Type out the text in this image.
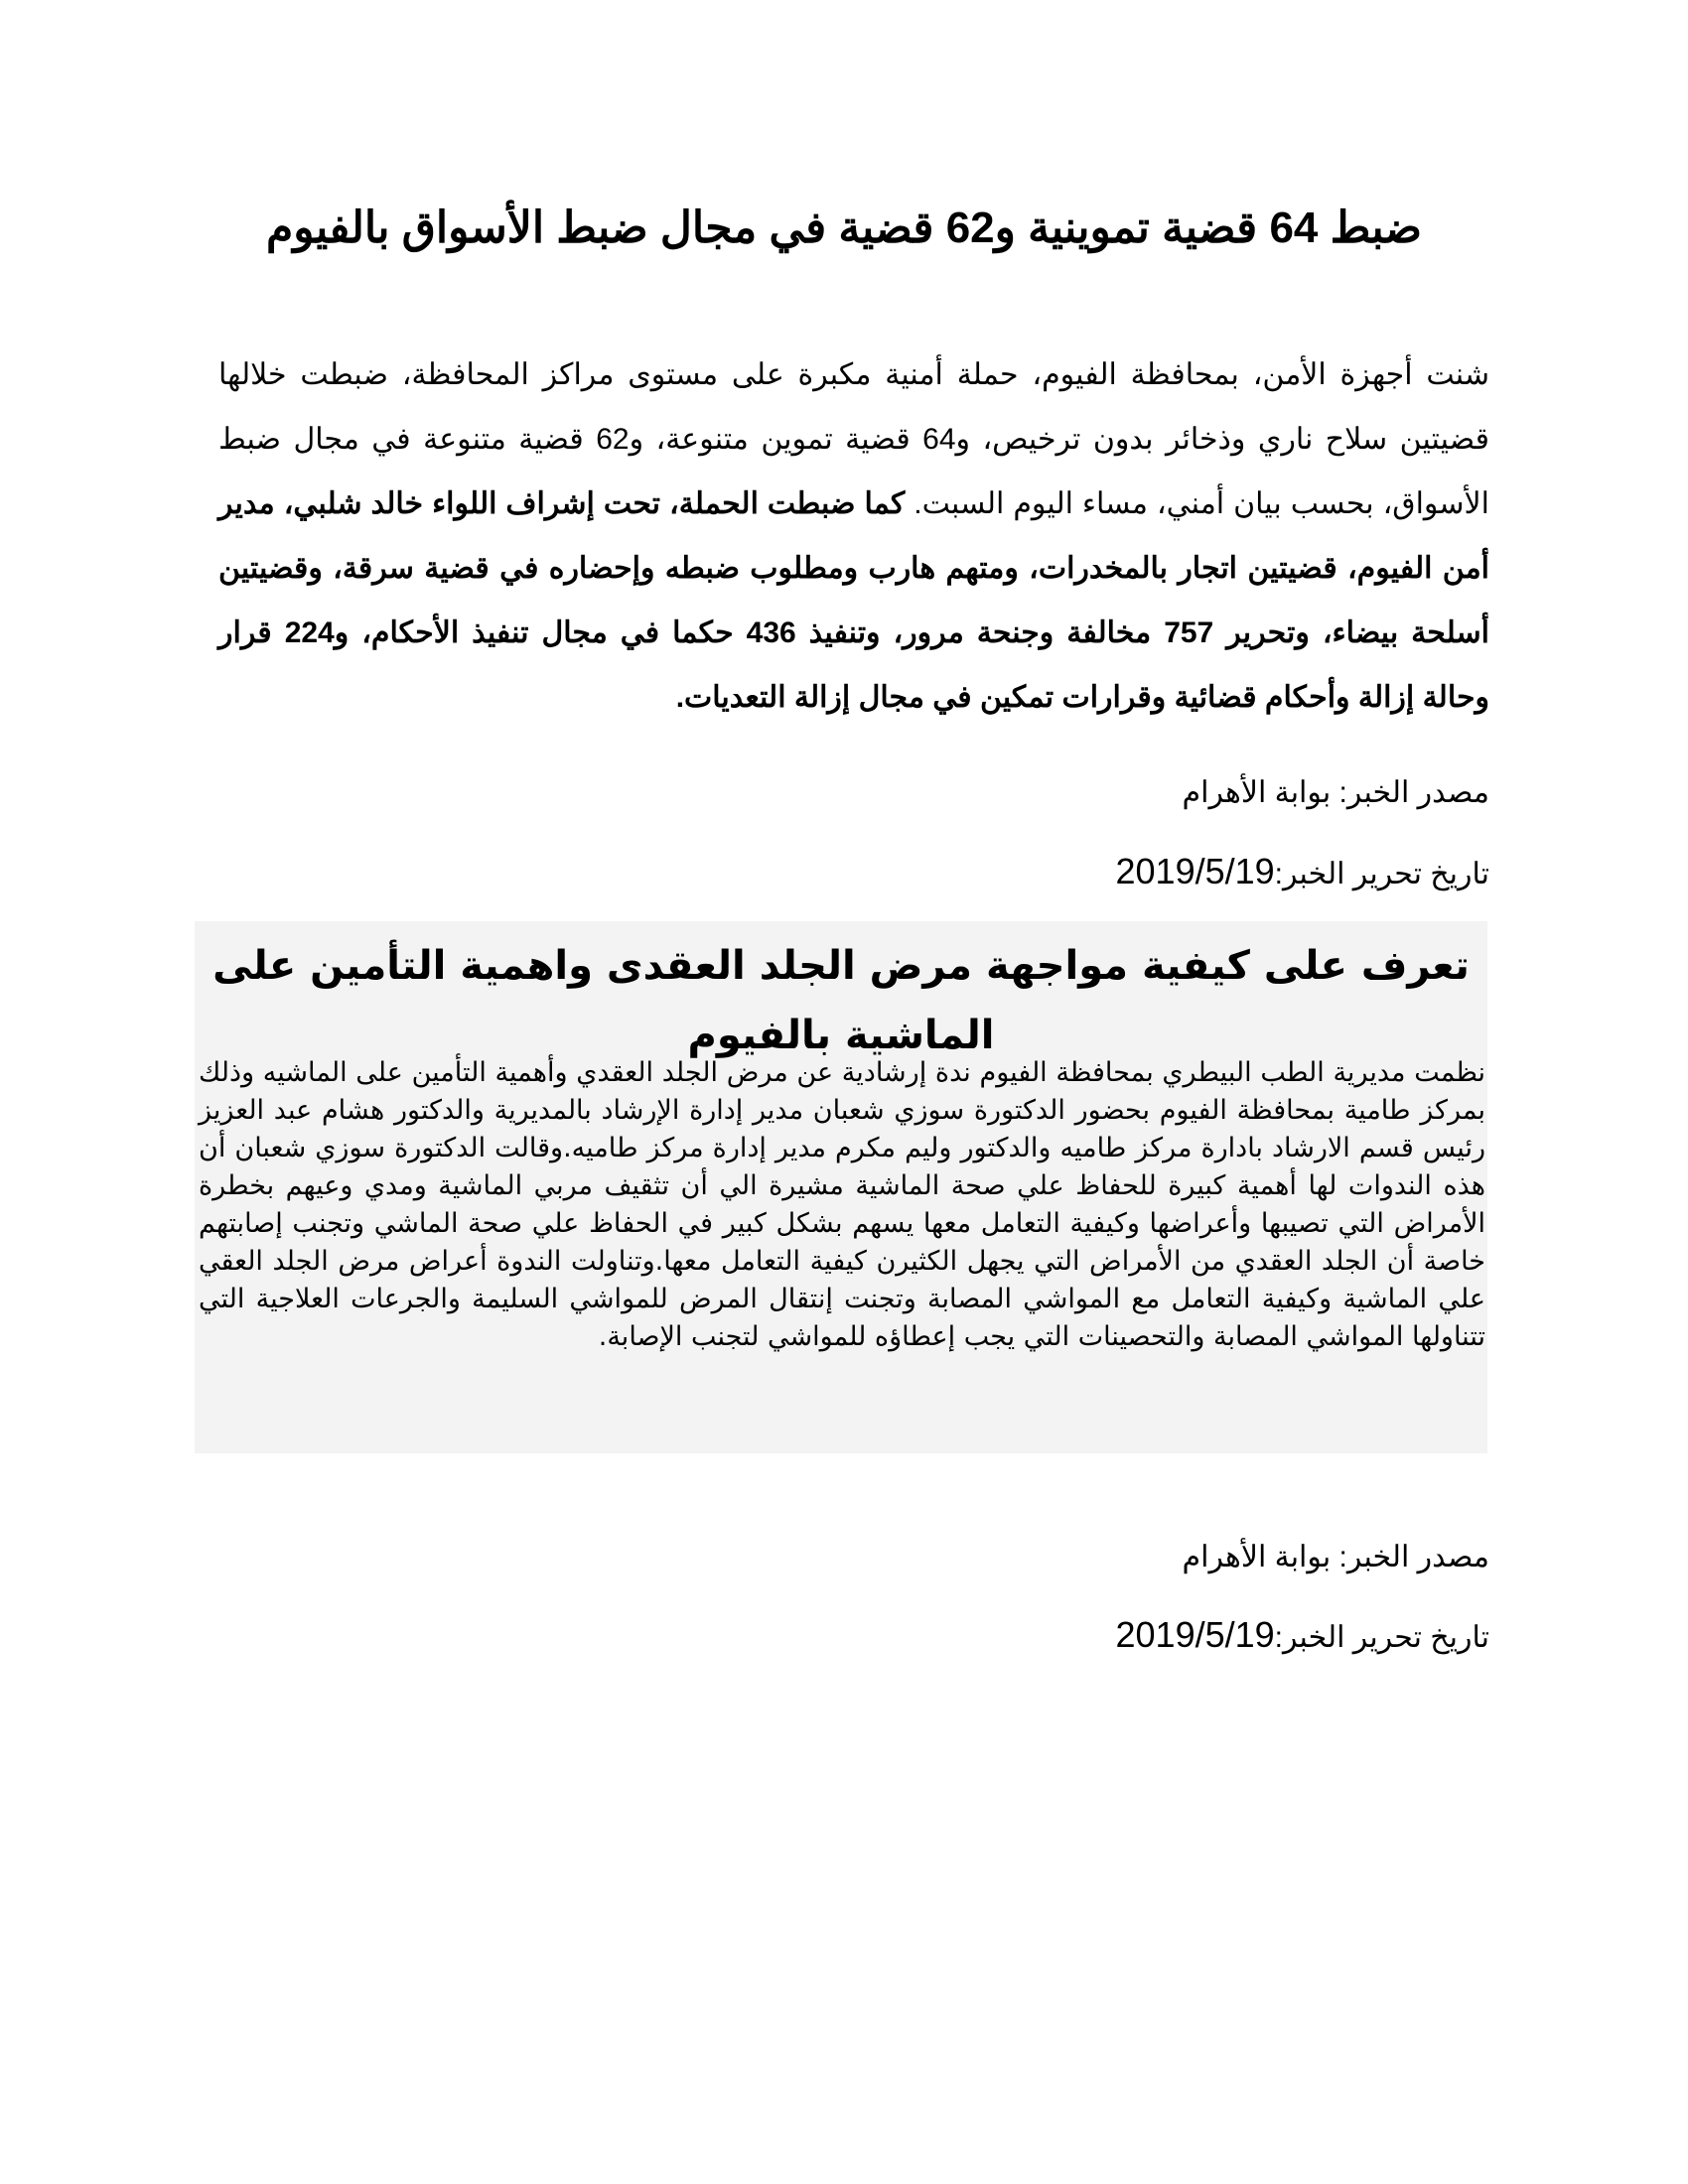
ضبط 64 قضية تموينية و62 قضية في مجال ضبط الأسواق بالفيوم

شنت أجهزة الأمن، بمحافظة الفيوم، حملة أمنية مكبرة على مستوى مراكز المحافظة، ضبطت خلالها قضيتين سلاح ناري وذخائر بدون ترخيص، و64 قضية تموين متنوعة، و62 قضية متنوعة في مجال ضبط الأسواق، بحسب بيان أمني، مساء اليوم السبت. كما ضبطت الحملة، تحت إشراف اللواء خالد شلبي، مدير أمن الفيوم، قضيتين اتجار بالمخدرات، ومتهم هارب ومطلوب ضبطه وإحضاره في قضية سرقة، وقضيتين أسلحة بيضاء، وتحرير 757 مخالفة وجنحة مرور، وتنفيذ 436 حكما في مجال تنفيذ الأحكام، و224 قرار وحالة إزالة وأحكام قضائية وقرارات تمكين في مجال إزالة التعديات.

مصدر الخبر: بوابة الأهرام

تاريخ تحرير الخبر:2019/5/19

تعرف على كيفية مواجهة مرض الجلد العقدى واهمية التأمين على الماشية بالفيوم

نظمت مديرية الطب البيطري بمحافظة الفيوم ندة إرشادية عن مرض الجلد العقدي وأهمية التأمين على الماشيه وذلك بمركز طامية بمحافظة الفيوم بحضور الدكتورة سوزي شعبان مدير إدارة الإرشاد بالمديرية والدكتور هشام عبد العزيز رئيس قسم الارشاد بادارة مركز طاميه والدكتور وليم مكرم مدير إدارة مركز طاميه.وقالت الدكتورة سوزي شعبان أن هذه الندوات لها أهمية كبيرة للحفاظ علي صحة الماشية مشيرة الي أن تثقيف مربي الماشية ومدي وعيهم بخطرة الأمراض التي تصيبها وأعراضها وكيفية التعامل معها يسهم بشكل كبير في الحفاظ علي صحة الماشي وتجنب إصابتهم خاصة أن الجلد العقدي من الأمراض التي يجهل الكثيرن كيفية التعامل معها.وتناولت الندوة أعراض مرض الجلد العقي علي الماشية وكيفية التعامل مع المواشي المصابة وتجنت إنتقال المرض للمواشي السليمة والجرعات العلاجية التي تتناولها المواشي المصابة والتحصينات التي يجب إعطاؤه للمواشي لتجنب الإصابة.

مصدر الخبر: بوابة الأهرام

تاريخ تحرير الخبر:2019/5/19
